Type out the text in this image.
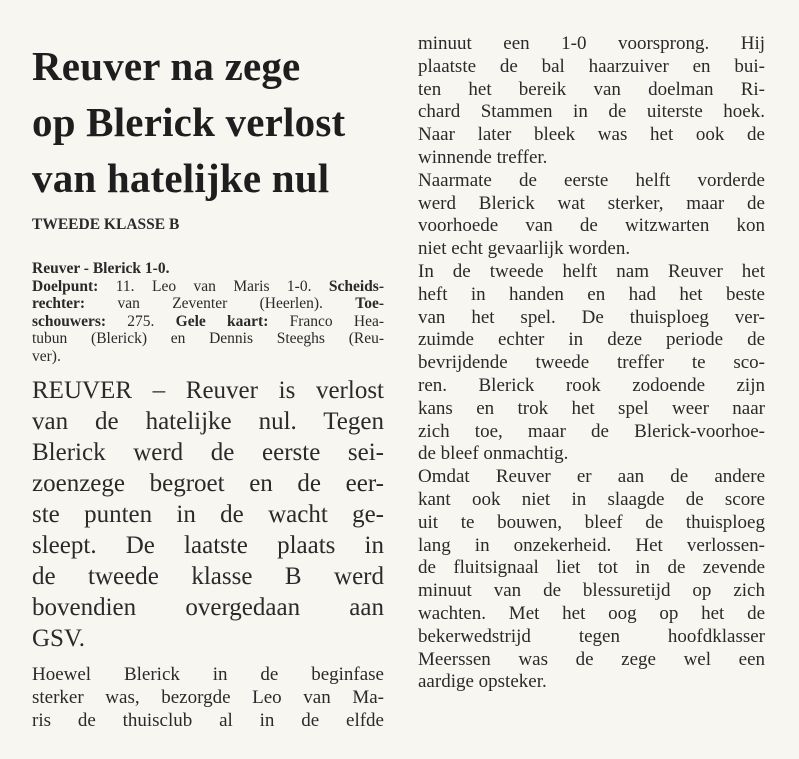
Reuver na zege
op Blerick verlost
van hatelijke nul
TWEEDE KLASSE B
Reuver - Blerick 1-0.
Doelpunt: 11. Leo van Maris 1-0. Scheids-
rechter: van Zeventer (Heerlen). Toe-
schouwers: 275. Gele kaart: Franco Hea-
tubun (Blerick) en Dennis Steeghs (Reu-
ver).
REUVER – Reuver is verlost
van de hatelijke nul. Tegen
Blerick werd de eerste sei-
zoenzege begroet en de eer-
ste punten in de wacht ge-
sleept. De laatste plaats in
de tweede klasse B werd
bovendien overgedaan aan
GSV.
Hoewel Blerick in de beginfase
sterker was, bezorgde Leo van Ma-
ris de thuisclub al in de elfde
minuut een 1-0 voorsprong. Hij
plaatste de bal haarzuiver en bui-
ten het bereik van doelman Ri-
chard Stammen in de uiterste hoek.
Naar later bleek was het ook de
winnende treffer.
Naarmate de eerste helft vorderde
werd Blerick wat sterker, maar de
voorhoede van de witzwarten kon
niet echt gevaarlijk worden.
In de tweede helft nam Reuver het
heft in handen en had het beste
van het spel. De thuisploeg ver-
zuimde echter in deze periode de
bevrijdende tweede treffer te sco-
ren. Blerick rook zodoende zijn
kans en trok het spel weer naar
zich toe, maar de Blerick-voorhoe-
de bleef onmachtig.
Omdat Reuver er aan de andere
kant ook niet in slaagde de score
uit te bouwen, bleef de thuisploeg
lang in onzekerheid. Het verlossen-
de fluitsignaal liet tot in de zevende
minuut van de blessuretijd op zich
wachten. Met het oog op het de
bekerwedstrijd tegen hoofdklasser
Meerssen was de zege wel een
aardige opsteker.
